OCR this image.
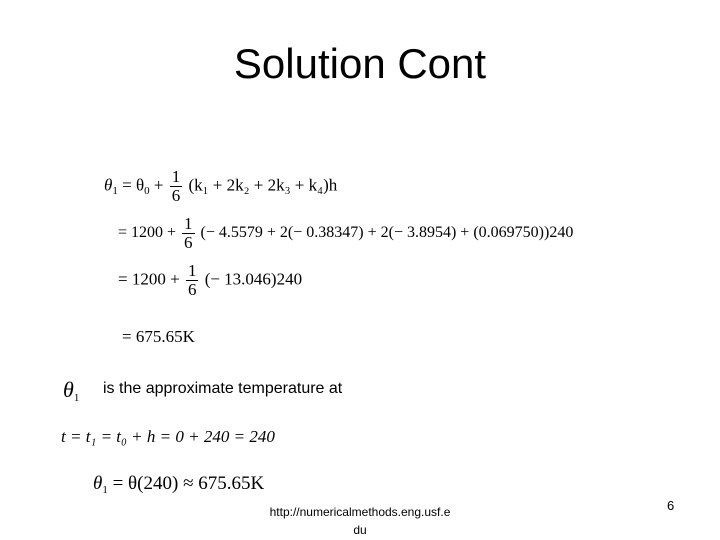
Solution Cont
$\theta_1 = \theta_0 + \frac{1}{6} (k_1 + 2k_2 + 2k_3 + k_4)h$
= $1200 + \frac{1}{6}$ (− 4.5579 + 2(− 0.38347) + 2(− 3.8954) + (0.069750))240
= $1200 + \frac{1}{6}$ (− 13.046)240
= 675.65K
$\theta_1$
is the approximate temperature at
t = t₁ = t₀ + h = 0 + 240 = 240
$\theta_1 = \theta(240) \approx 675.65K$
http://numericalmethods.eng.usf.e
du
6
